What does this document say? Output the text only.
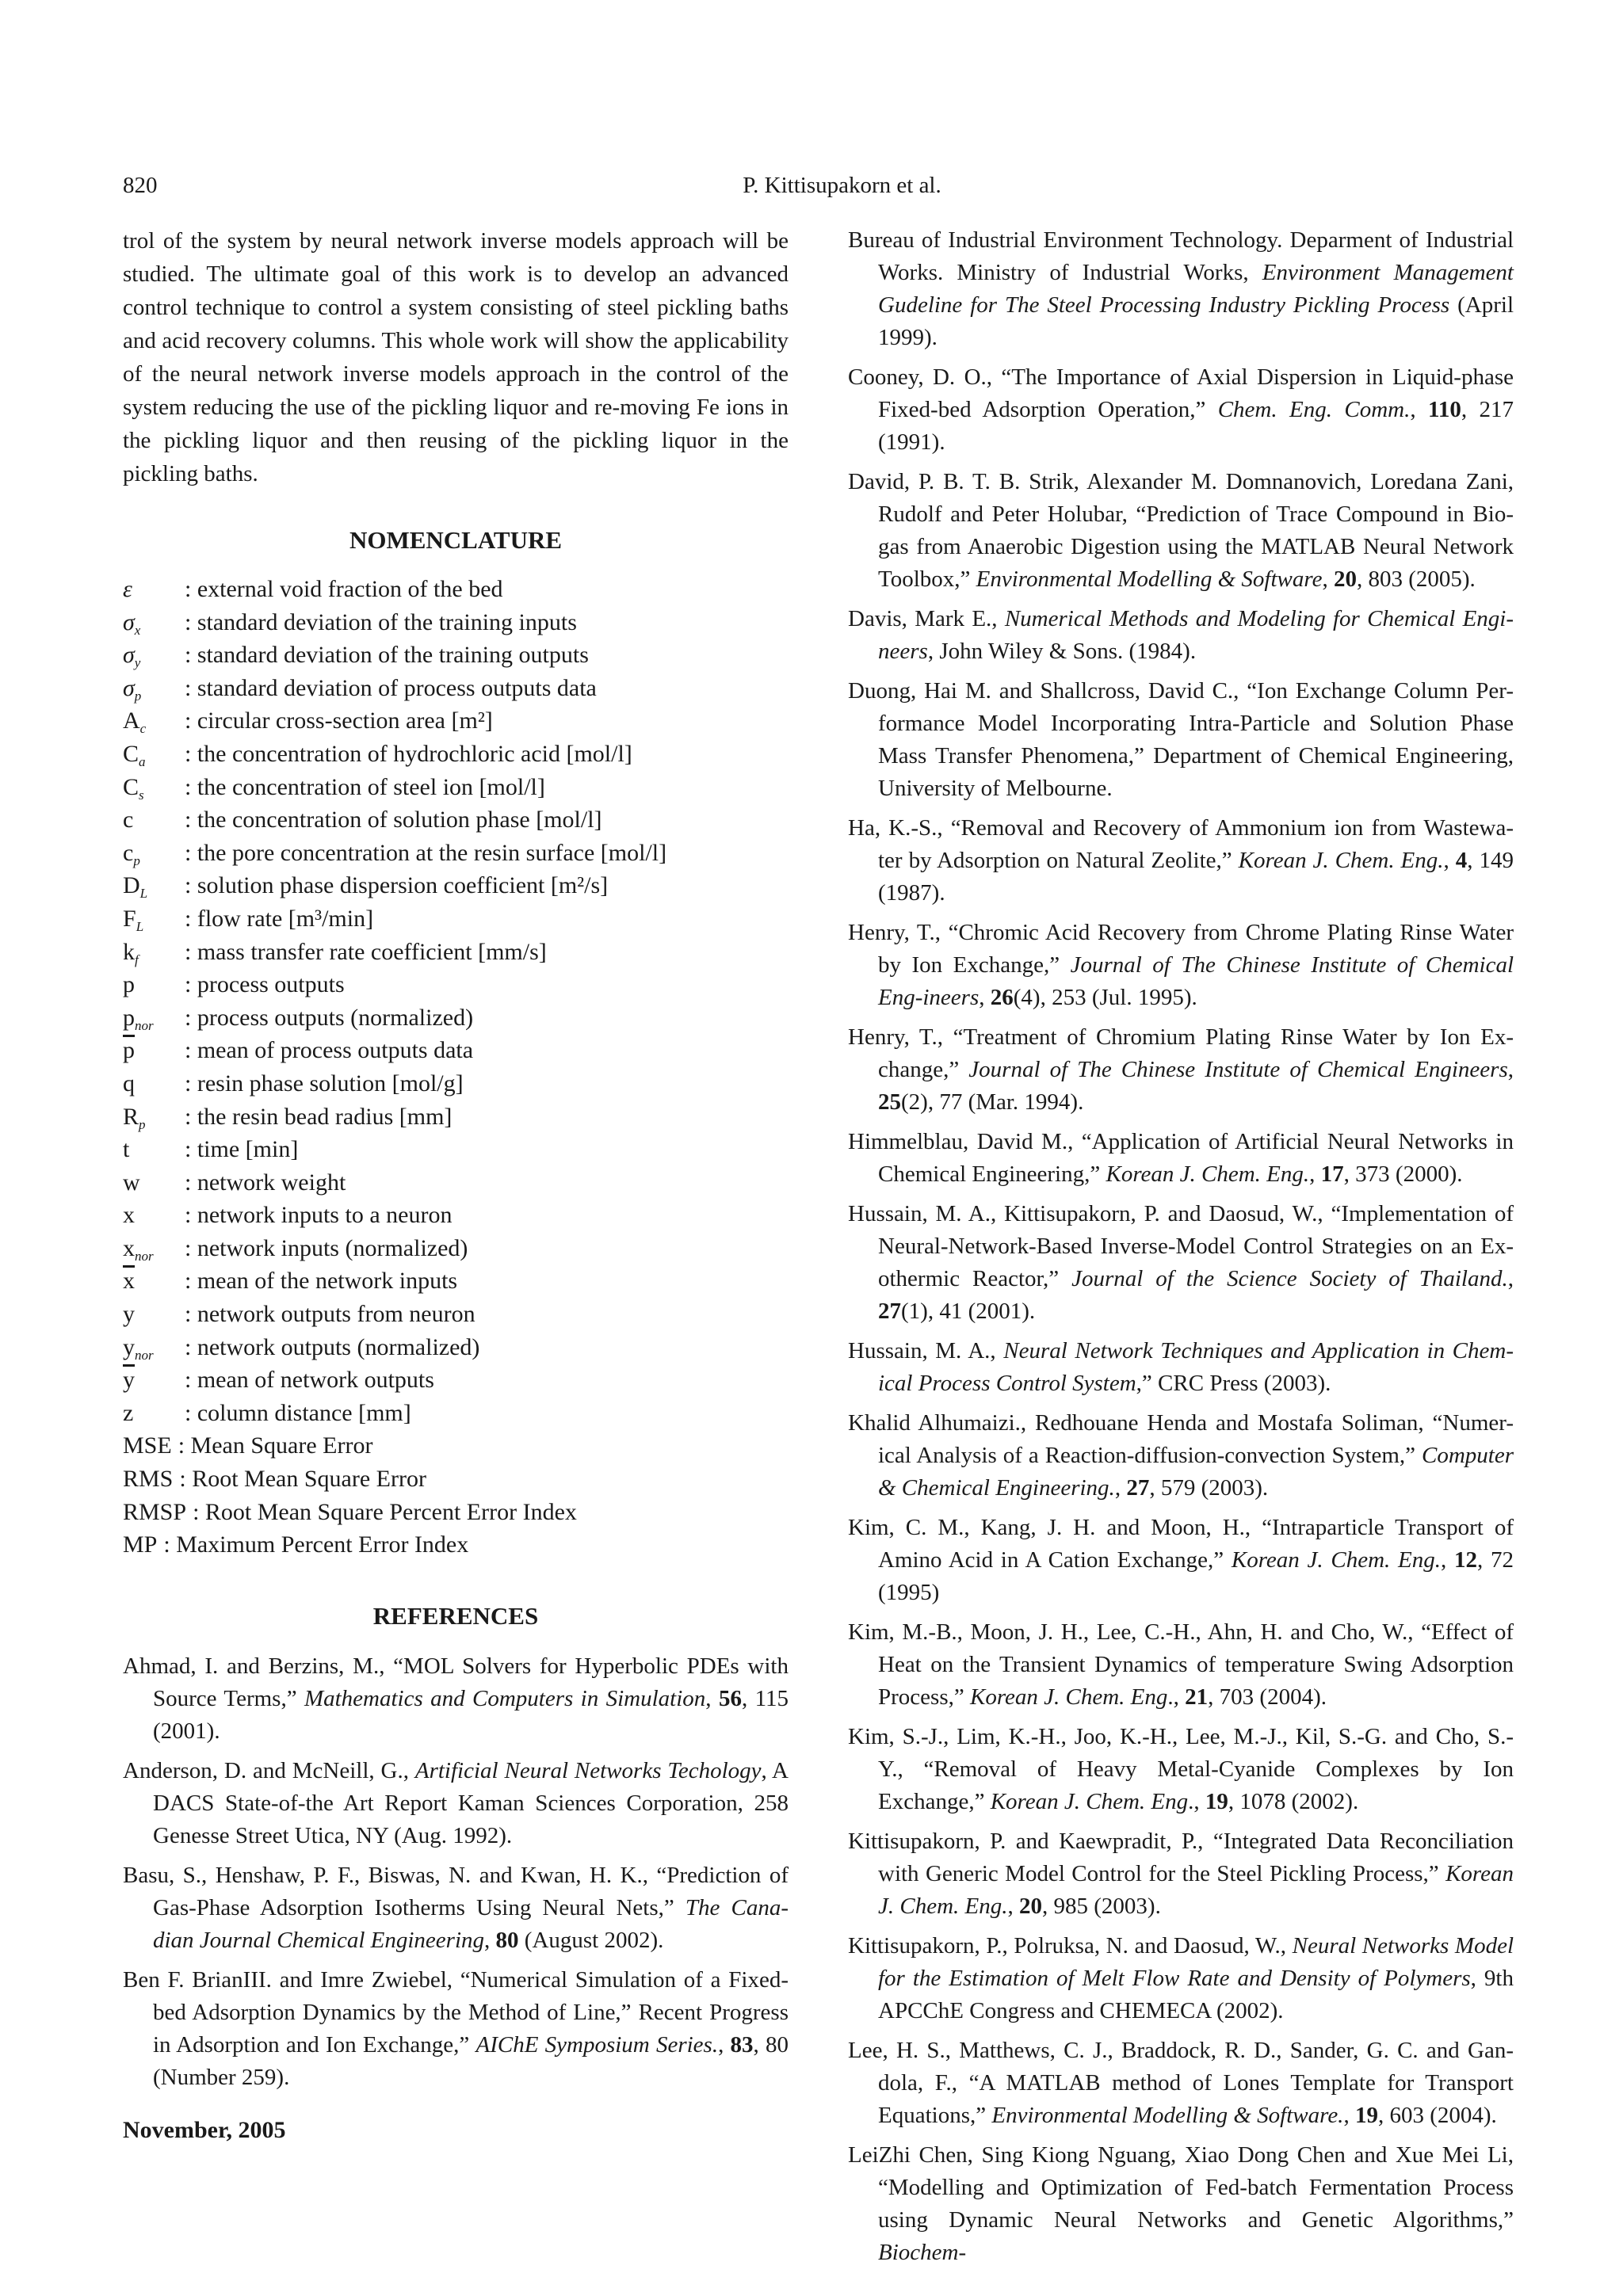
820	P. Kittisupakorn et al.

trol of the system by neural network inverse models approach will be studied. The ultimate goal of this work is to develop an advanced control technique to control a system consisting of steel pickling baths and acid recovery columns. This whole work will show the applicability of the neural network inverse models approach in the control of the system reducing the use of the pickling liquor and re-moving Fe ions in the pickling liquor and then reusing of the pickling liquor in the pickling baths.

NOMENCLATURE
ε	: external void fraction of the bed
$\sigma_x$	: standard deviation of the training inputs
$\sigma_y$	: standard deviation of the training outputs
$\sigma_p$	: standard deviation of process outputs data
$A_c$	: circular cross-section area [m²]
$C_a$	: the concentration of hydrochloric acid [mol/l]
$C_s$	: the concentration of steel ion [mol/l]
c	: the concentration of solution phase [mol/l]
$c_p$	: the pore concentration at the resin surface [mol/l]
$D_L$	: solution phase dispersion coefficient [m²/s]
$F_L$	: flow rate [m³/min]
$k_f$	: mass transfer rate coefficient [mm/s]
p	: process outputs
$p_{nor}$	: process outputs (normalized)
$\overline{p}$	: mean of process outputs data
q	: resin phase solution [mol/g]
$R_p$	: the resin bead radius [mm]
t	: time [min]
w	: network weight
x	: network inputs to a neuron
$x_{nor}$	: network inputs (normalized)
$\overline{x}$	: mean of the network inputs
y	: network outputs from neuron
$y_{nor}$	: network outputs (normalized)
$\overline{y}$	: mean of network outputs
z	: column distance [mm]
MSE : Mean Square Error
RMS : Root Mean Square Error
RMSP : Root Mean Square Percent Error Index
MP : Maximum Percent Error Index
REFERENCES

Ahmad, I. and Berzins, M., “MOL Solvers for Hyperbolic PDEs with Source Terms,” Mathematics and Computers in Simulation, 56, 115 (2001).

Anderson, D. and McNeill, G., Artificial Neural Networks Techology, A DACS State-of-the Art Report Kaman Sciences Corporation, 258 Genesse Street Utica, NY (Aug. 1992).

Basu, S., Henshaw, P. F., Biswas, N. and Kwan, H. K., “Prediction of Gas-Phase Adsorption Isotherms Using Neural Nets,” The Cana-dian Journal Chemical Engineering, 80 (August 2002).

Ben F. BrianIII. and Imre Zwiebel, “Numerical Simulation of a Fixed-bed Adsorption Dynamics by the Method of Line,” Recent Progress in Adsorption and Ion Exchange,” AIChE Symposium Series., 83, 80 (Number 259).

Bureau of Industrial Environment Technology. Deparment of Industrial Works. Ministry of Industrial Works, Environment Management Gudeline for The Steel Processing Industry Pickling Process (April 1999).

Cooney, D. O., “The Importance of Axial Dispersion in Liquid-phase Fixed-bed Adsorption Operation,” Chem. Eng. Comm., 110, 217 (1991).

David, P. B. T. B. Strik, Alexander M. Domnanovich, Loredana Zani, Rudolf and Peter Holubar, “Prediction of Trace Compound in Bio-gas from Anaerobic Digestion using the MATLAB Neural Network Toolbox,” Environmental Modelling & Software, 20, 803 (2005).

Davis, Mark E., Numerical Methods and Modeling for Chemical Engi-neers, John Wiley & Sons. (1984).

Duong, Hai M. and Shallcross, David C., “Ion Exchange Column Per-formance Model Incorporating Intra-Particle and Solution Phase Mass Transfer Phenomena,” Department of Chemical Engineering, University of Melbourne.

Ha, K.-S., “Removal and Recovery of Ammonium ion from Wastewa-ter by Adsorption on Natural Zeolite,” Korean J. Chem. Eng., 4, 149 (1987).

Henry, T., “Chromic Acid Recovery from Chrome Plating Rinse Water by Ion Exchange,” Journal of The Chinese Institute of Chemical Eng-ineers, 26(4), 253 (Jul. 1995).

Henry, T., “Treatment of Chromium Plating Rinse Water by Ion Ex-change,” Journal of The Chinese Institute of Chemical Engineers, 25(2), 77 (Mar. 1994).

Himmelblau, David M., “Application of Artificial Neural Networks in Chemical Engineering,” Korean J. Chem. Eng., 17, 373 (2000).

Hussain, M. A., Kittisupakorn, P. and Daosud, W., “Implementation of Neural-Network-Based Inverse-Model Control Strategies on an Ex-othermic Reactor,” Journal of the Science Society of Thailand., 27(1), 41 (2001).

Hussain, M. A., Neural Network Techniques and Application in Chem-ical Process Control System,” CRC Press (2003).

Khalid Alhumaizi., Redhouane Henda and Mostafa Soliman, “Numer-ical Analysis of a Reaction-diffusion-convection System,” Computer & Chemical Engineering., 27, 579 (2003).

Kim, C. M., Kang, J. H. and Moon, H., “Intraparticle Transport of Amino Acid in A Cation Exchange,” Korean J. Chem. Eng., 12, 72 (1995)

Kim, M.-B., Moon, J. H., Lee, C.-H., Ahn, H. and Cho, W., “Effect of Heat on the Transient Dynamics of temperature Swing Adsorption Process,” Korean J. Chem. Eng., 21, 703 (2004).

Kim, S.-J., Lim, K.-H., Joo, K.-H., Lee, M.-J., Kil, S.-G. and Cho, S.-Y., “Removal of Heavy Metal-Cyanide Complexes by Ion Exchange,” Korean J. Chem. Eng., 19, 1078 (2002).

Kittisupakorn, P. and Kaewpradit, P., “Integrated Data Reconciliation with Generic Model Control for the Steel Pickling Process,” Korean J. Chem. Eng., 20, 985 (2003).

Kittisupakorn, P., Polruksa, N. and Daosud, W., Neural Networks Model for the Estimation of Melt Flow Rate and Density of Polymers, 9th APCChE Congress and CHEMECA (2002).

Lee, H. S., Matthews, C. J., Braddock, R. D., Sander, G. C. and Gan-dola, F., “A MATLAB method of Lones Template for Transport Equations,” Environmental Modelling & Software., 19, 603 (2004).

LeiZhi Chen, Sing Kiong Nguang, Xiao Dong Chen and Xue Mei Li, “Modelling and Optimization of Fed-batch Fermentation Process using Dynamic Neural Networks and Genetic Algorithms,” Biochem-

November, 2005
